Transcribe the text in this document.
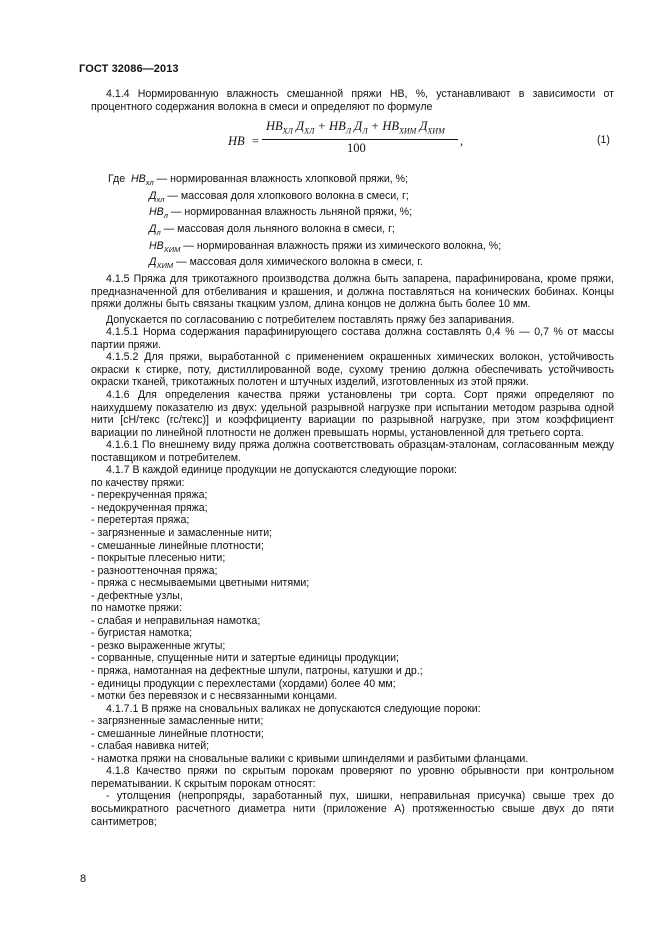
ГОСТ 32086—2013

4.1.4 Нормированную влажность смешанной пряжи HB, %, устанавливают в зависимости от процентного содержания волокна в смеси и определяют по формуле

HB =
$HB_{ХЛ}$ $Д_{ХЛ} + HB_Л$ $Д_Л + HB_{ХИМ}$ $Д_{ХИМ}$
100	,	(1)
Где $HB_{хл}$ — нормированная влажность хлопковой пряжи, %;
$Д_{хл}$ — массовая доля хлопкового волокна в смеси, г;
$HB_л$ — нормированная влажность льняной пряжи, %;
$Д_л$ — массовая доля льняного волокна в смеси, г;
$HB_{ХИМ}$ — нормированная влажность пряжи из химического волокна, %;
$Д_{ХИМ}$ — массовая доля химического волокна в смеси, г.

4.1.5 Пряжа для трикотажного производства должна быть запарена, парафинирована, кроме пряжи, предназначенной для отбеливания и крашения, и должна поставляться на конических бобинах. Концы пряжи должны быть связаны ткацким узлом, длина концов не должна быть более 10 мм.

Допускается по согласованию с потребителем поставлять пряжу без запаривания.

4.1.5.1 Норма содержания парафинирующего состава должна составлять 0,4 % — 0,7 % от массы партии пряжи.

4.1.5.2 Для пряжи, выработанной с применением окрашенных химических волокон, устойчивость окраски к стирке, поту, дистиллированной воде, сухому трению должна обеспечивать устойчивость окраски тканей, трикотажных полотен и штучных изделий, изготовленных из этой пряжи.

4.1.6 Для определения качества пряжи установлены три сорта. Сорт пряжи определяют по наихудшему показателю из двух: удельной разрывной нагрузке при испытании методом разрыва одной нити [сН/текс (гс/текс)] и коэффициенту вариации по разрывной нагрузке, при этом коэффициент вариации по линейной плотности не должен превышать нормы, установленной для третьего сорта.

4.1.6.1 По внешнему виду пряжа должна соответствовать образцам-эталонам, согласованным между поставщиком и потребителем.

4.1.7 В каждой единице продукции не допускаются следующие пороки:

по качеству пряжи:

- перекрученная пряжа;

- недокрученная пряжа;

- перетертая пряжа;

- загрязненные и замасленные нити;

- смешанные линейные плотности;

- покрытые плесенью нити;

- разнооттеночная пряжа;

- пряжа с несмываемыми цветными нитями;

- дефектные узлы,

по намотке пряжи:

- слабая и неправильная намотка;

- бугристая намотка;

- резко выраженные жгуты;

- сорванные, спущенные нити и затертые единицы продукции;

- пряжа, намотанная на дефектные шпули, патроны, катушки и др.;

- единицы продукции с перехлестами (хордами) более 40 мм;

- мотки без перевязок и с несвязанными концами.

4.1.7.1 В пряже на сновальных валиках не допускаются следующие пороки:

- загрязненные замасленные нити;

- смешанные линейные плотности;

- слабая навивка нитей;

- намотка пряжи на сновальные валики с кривыми шпинделями и разбитыми фланцами.

4.1.8 Качество пряжи по скрытым порокам проверяют по уровню обрывности при контрольном перематывании. К скрытым порокам относят:

- утолщения (непропряды, заработанный пух, шишки, неправильная присучка) свыше трех до восьмикратного расчетного диаметра нити (приложение А) протяженностью свыше двух до пяти сантиметров;

8
